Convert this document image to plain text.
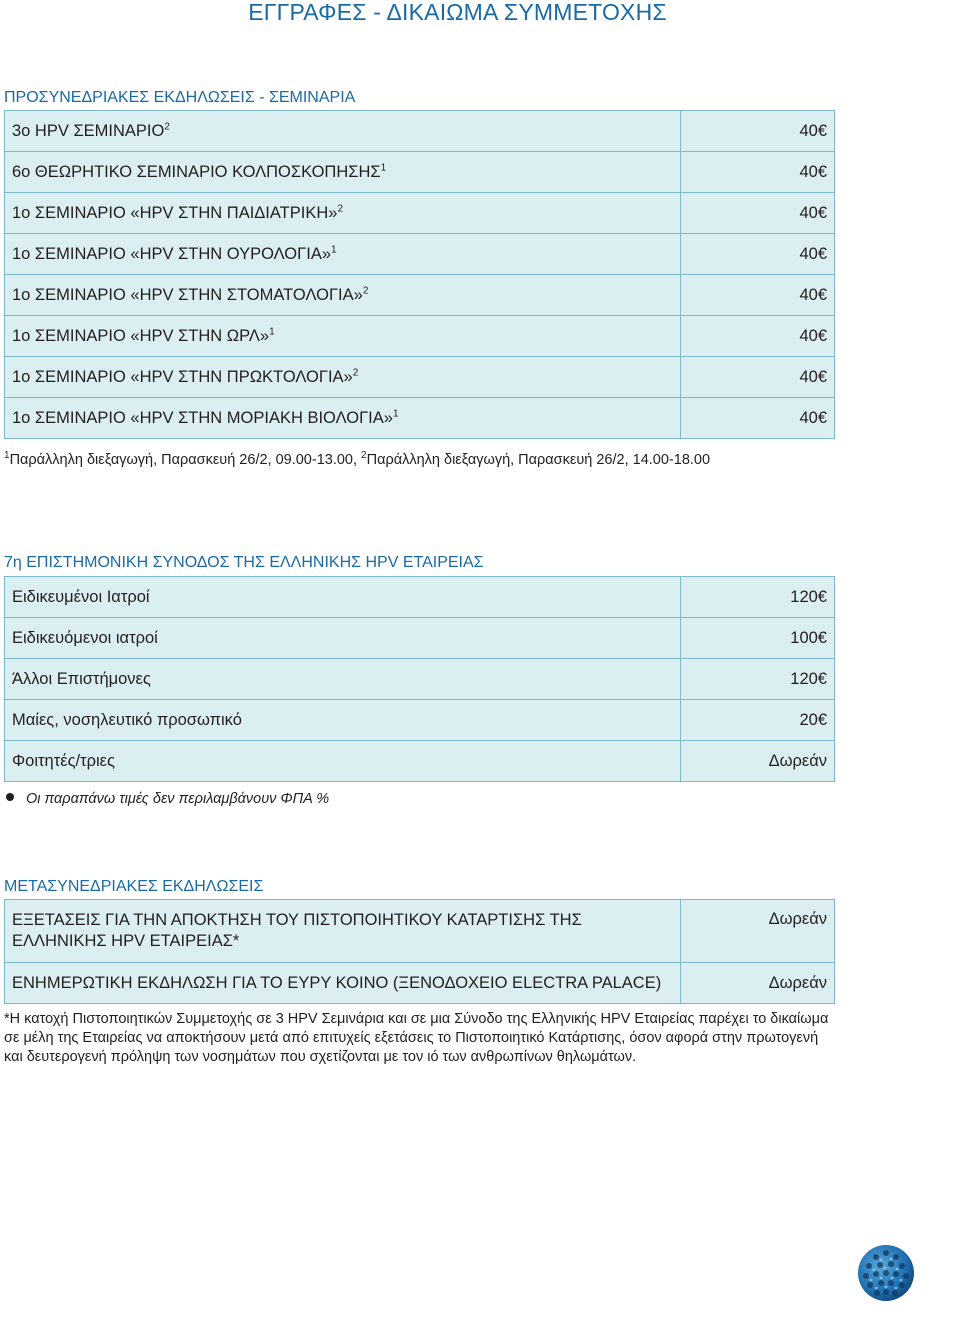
ΕΓΓΡΑΦΕΣ - ΔΙΚΑΙΩΜΑ ΣΥΜΜΕΤΟΧΗΣ
ΠΡΟΣΥΝΕΔΡΙΑΚΕΣ ΕΚΔΗΛΩΣΕΙΣ - ΣΕΜΙΝΑΡΙΑ
3ο HPV ΣΕΜΙΝΑΡΙΟ$^2$	40€
6ο ΘΕΩΡΗΤΙΚΟ ΣΕΜΙΝΑΡΙΟ ΚΟΛΠΟΣΚΟΠΗΣΗΣ$^1$	40€
1ο ΣΕΜΙΝΑΡΙΟ «HPV ΣΤΗΝ ΠΑΙΔΙΑΤΡΙΚΗ»$^2$	40€
1ο ΣΕΜΙΝΑΡΙΟ «HPV ΣΤΗΝ ΟΥΡΟΛΟΓΙΑ»$^1$	40€
1ο ΣΕΜΙΝΑΡΙΟ «HPV ΣΤΗΝ ΣΤΟΜΑΤΟΛΟΓΙΑ»$^2$	40€
1ο ΣΕΜΙΝΑΡΙΟ «HPV ΣΤΗΝ ΩΡΛ»$^1$	40€
1ο ΣΕΜΙΝΑΡΙΟ «HPV ΣΤΗΝ ΠΡΩΚΤΟΛΟΓΙΑ»$^2$	40€
1ο ΣΕΜΙΝΑΡΙΟ «HPV ΣΤΗΝ ΜΟΡΙΑΚΗ ΒΙΟΛΟΓΙΑ»$^1$	40€
$^1$Παράλληλη διεξαγωγή, Παρασκευή 26/2, 09.00-13.00, $^2$Παράλληλη διεξαγωγή, Παρασκευή 26/2, 14.00-18.00
7η ΕΠΙΣΤΗΜΟΝΙΚΗ ΣΥΝΟΔΟΣ ΤΗΣ ΕΛΛΗΝΙΚΗΣ HPV ΕΤΑΙΡΕΙΑΣ
Ειδικευμένοι Ιατροί	120€
Ειδικευόμενοι ιατροί	100€
Άλλοι Επιστήμονες	120€
Μαίες, νοσηλευτικό προσωπικό	20€
Φοιτητές/τριες	Δωρεάν
Οι παραπάνω τιμές δεν περιλαμβάνουν ΦΠΑ %
ΜΕΤΑΣΥΝΕΔΡΙΑΚΕΣ ΕΚΔΗΛΩΣΕΙΣ
ΕΞΕΤΑΣΕΙΣ ΓΙΑ ΤΗΝ ΑΠΟΚΤΗΣΗ ΤΟΥ ΠΙΣΤΟΠΟΙΗΤΙΚΟΥ ΚΑΤΑΡΤΙΣΗΣ ΤΗΣ
ΕΛΛΗΝΙΚΗΣ HPV ΕΤΑΙΡΕΙΑΣ*	Δωρεάν
ΕΝΗΜΕΡΩΤΙΚΗ ΕΚΔΗΛΩΣΗ ΓΙΑ ΤΟ ΕΥΡΥ ΚΟΙΝΟ (ΞΕΝΟΔΟΧΕΙΟ ELECTRA PALACE)	Δωρεάν
*Η κατοχή Πιστοποιητικών Συμμετοχής σε 3 HPV Σεμινάρια και σε μια Σύνοδο της Ελληνικής HPV Εταιρείας παρέχει το δικαίωμα σε μέλη της Εταιρείας να αποκτήσουν μετά από επιτυχείς εξετάσεις το Πιστοποιητικό Κατάρτισης, όσον αφορά στην πρωτογενή και δευτερογενή πρόληψη των νοσημάτων που σχετίζονται με τον ιό των ανθρωπίνων θηλωμάτων.
